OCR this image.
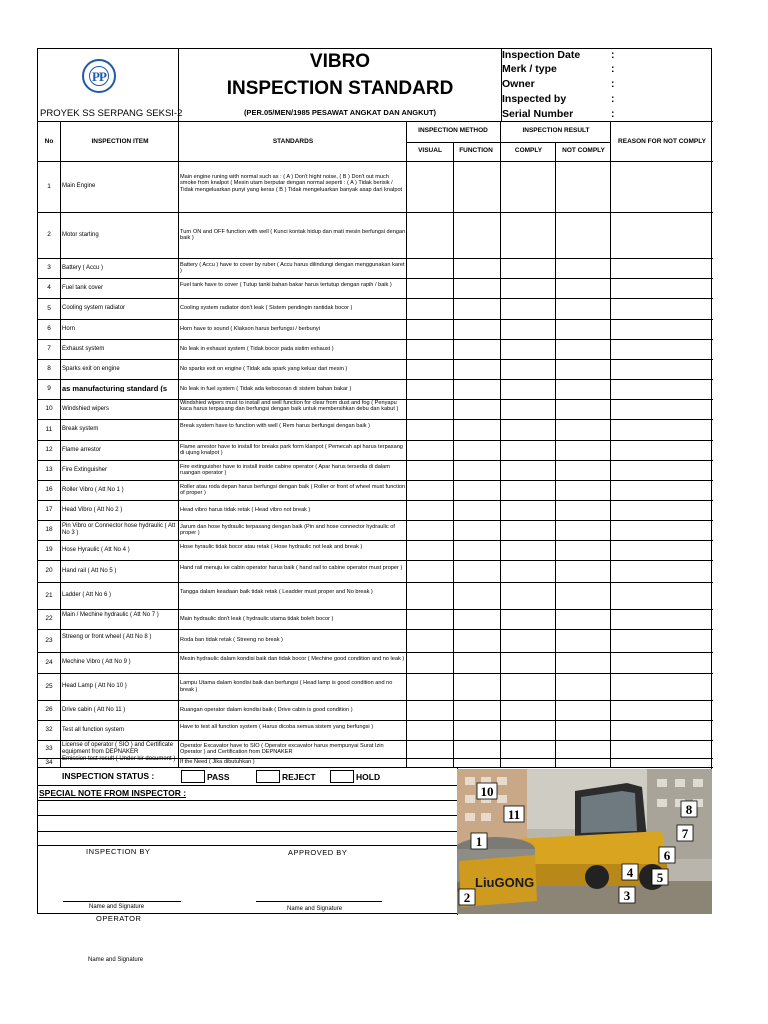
PP
PROYEK SS SERPANG SEKSI-2
VIBRO
INSPECTION STANDARD
(PER.05/MEN/1985 PESAWAT ANGKAT DAN ANGKUT)
Inspection Date	:
Merk / type	:
Owner	:
Inspected by	:
Serial Number	:
No	INSPECTION ITEM	STANDARDS
INSPECTION METHOD
VISUAL	FUNCTION
INSPECTION RESULT
COMPLY	NOT COMPLY
REASON FOR NOT COMPLY
1	Main Engine
Main engine runing with normal such as : ( A ) Don't hight noise, ( B ) Don't out much smoke from knalpot ( Mesin utam berputar dengan normal seperti : ( A ) Tidak berisik / Tidak mengeluarkan punyi yang keras ( B ) Tidak mengeluarkan banyak asap dari knalpot
2	Motor starting	Turn ON and OFF function with well ( Kunci kontak hidup dan mati mesin berfungsi dengan baik )
3	Battery ( Accu )	Battery ( Accu ) have to cover by ruber ( Accu harus dilindungi dengan menggunakan karet )
4	Fuel tank cover	Fuel tank have to cover ( Tutup tanki bahan bakar harus tertutup dengan rapih / baik )
5	Cooling system radiator	Cooling system radiator don't leak ( Sistem pendingin rantidak bocor )
6	Horn	Horn have to sound ( Klakson harus berfungsi / berbunyi
7	Exhaust system	No leak in exhaust system ( Tidak bocor pada sistim exhaust )
8	Sparks exit on engine	No sparks exit on engine ( Tidak ada spark yang keluar dari mesin )
9	as manufacturing standard (s	No leak in fuel system ( Tidak ada kebocoran di sistem bahan bakar )
10	Windshied wipers
Windshied wipers must to install and well function for clear from dust and fog ( Penyapu kaca harus terpasang dan berfungsi dengan baik untuk membersihkan debu dan kabut )
11	Break system	Break system have to function with well ( Rem harus berfungsi dengan baik )
12	Flame arrestor	Flame arrestor have to install for breaks park form klanpot ( Pemecah api harus terpasang di ujung knalpot )
13	Fire Extinguisher	Fire extinguisher have to install inside cabine operator ( Apar harus tersedia di dalam ruangan operator )
16	Roller Vibro ( Att No 1 )	Roller atau roda depan harus berfungsi dengan baik ( Roller or front of wheel must function of proper )
17	Head Vibro ( Att No 2 )	Head vibro harus tidak retak ( Head vibro not break )
18	Pin Vibro or Connector hose hydraulic ( Att No 3 )
Jarum dan hose hydraulic terpasang dengan baik (Pin and hose connector hydraulic of proper )
19	Hose Hyraulic ( Att No 4 )	Hose hyraulic tidak bocor atau retak ( Hose hydraulic not leak and break )
20	Hand rail ( Att No 5 )	Hand rail menuju ke cabin operator harus baik ( hand rail to cabine operator must proper )
21	Ladder ( Att No 6 )	Tangga dalam keadaan baik tidak retak ( Leadder must proper and No break )
22	Main / Mechine hydraulic ( Att No 7 )
Main hydraulic don't leak ( hydraulic utama tidak boleh bocor )
23	Streeng or front wheel ( Att No 8 )
Roda ban tidak retak ( Streeng no break )
24	Mechine Vibro ( Att No 9 )	Mesin hydraulic dalam kondisi baik dan tidak bocor ( Mechine good condition and no leak )
25	Head Lamp ( Att No 10 )	Lampu Utama dalam kondisi baik dan berfungsi ( Head lamp is good condition and no break )
26	Drive cabin ( Att No 11 )	Ruangan operator dalam kondisi baik ( Drive cabin is good condition )
32	Test all function system	Have to test all function system ( Harus dicoba semua sistem yang berfungsi )
33	License of operator ( SIO ) and Certificate equipment from DEPNAKER
Operator Excavator have to SIO ( Operator excavator harus mempunyai Surat Izin Operator ) and Certification from DEPNAKER
34	Emission test result ( Under kir document )
If the Need ( Jika dibutuhkan )
INSPECTION STATUS :	PASS	REJECT	HOLD
SPECIAL NOTE FROM INSPECTOR :
INSPECTION BY	APPROVED BY
Name and Signature	Name and Signature
LiuGONG
1
2	3
4 5
6
7
8
10
11
OPERATOR
Name and Signature
